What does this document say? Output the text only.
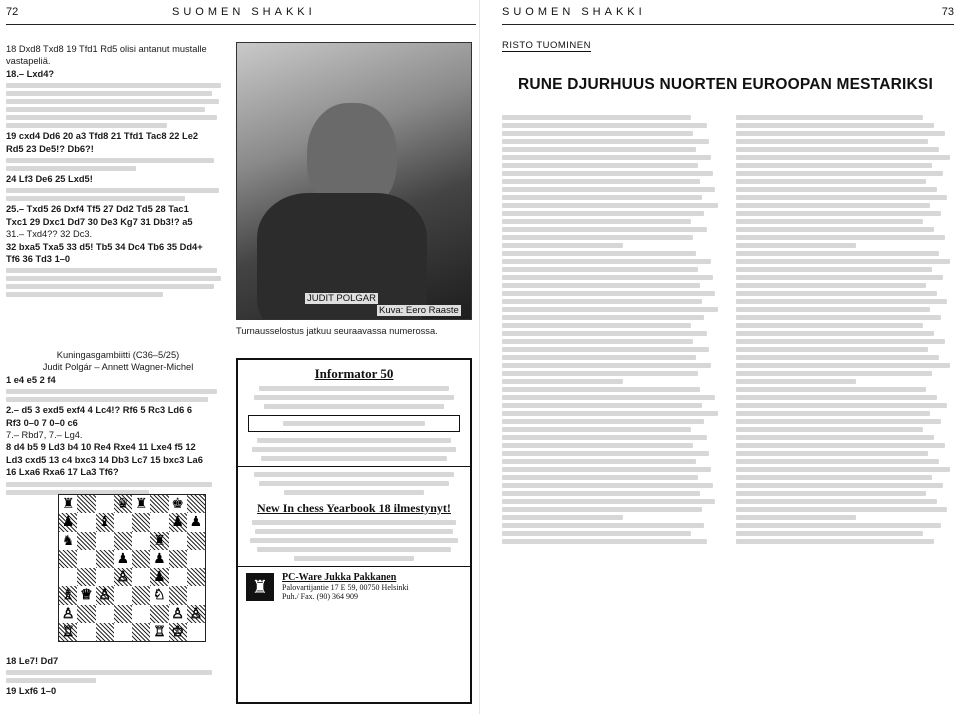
72	SUOMEN SHAKKI

18 Dxd8 Txd8 19 Tfd1 Rd5 olisi antanut mustalle

vastapeliä.

18.– Lxd4?

19 cxd4 Dd6 20 a3 Tfd8 21 Tfd1 Tac8 22 Le2

Rd5 23 De5!? Db6?!

24 Lf3 De6 25 Lxd5!

25.– Txd5 26 Dxf4 Tf5 27 Dd2 Td5 28 Tac1

Txc1 29 Dxc1 Dd7 30 De3 Kg7 31 Db3!? a5

31.– Txd4?? 32 Dc3.

32 bxa5 Txa5 33 d5! Tb5 34 Dc4 Tb6 35 Dd4+

Tf6 36 Td3 1–0

JUDIT POLGAR
Kuva: Eero Raaste

Turnausselostus jatkuu seuraavassa numerossa.

Kuningasgambiitti (C36–5/25)

Judit Polgár – Annett Wagner-Michel

1 e4 e5 2 f4

2.– d5 3 exd5 exf4 4 Lc4!? Rf6 5 Rc3 Ld6 6

Rf3 0–0 7 0–0 c6

7.– Rbd7, 7.– Lg4.

8 d4 b5 9 Ld3 b4 10 Re4 Rxe4 11 Lxe4 f5 12

Ld3 cxd5 13 c4 bxc3 14 Db3 Lc7 15 bxc3 La6

16 Lxa6 Rxa6 17 La3 Tf6?

♜	♛ ♜ ♚
♟ ♝	♟ ♟
♞	♜
♟ ♟
♙ ♟
♗ ♕ ♙	♘
♙	♙ ♙
♖	♖ ♔

18 Le7! Dd7

19 Lxf6 1–0

Informator 50
New In chess Yearbook 18 ilmestynyt!
♜	PC-Ware Jukka Pakkanen
Palovartijantie 17 E 59, 00750 Helsinki
Puh./ Fax. (90) 364 909
SUOMEN SHAKKI	73
RISTO TUOMINEN
RUNE DJURHUUS NUORTEN EUROOPAN MESTARIKSI
